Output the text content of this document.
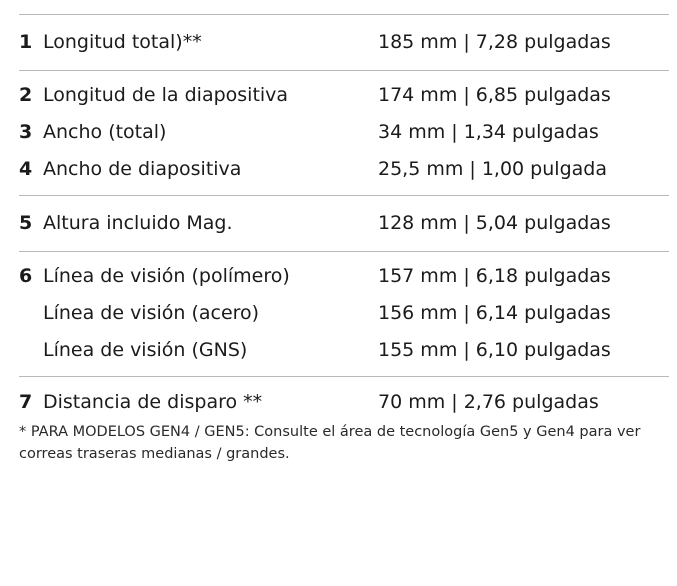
1 Longitud total)**	185 mm | 7,28 pulgadas
2 Longitud de la diapositiva	174 mm | 6,85 pulgadas
3 Ancho (total)	34 mm | 1,34 pulgadas
4 Ancho de diapositiva	25,5 mm | 1,00 pulgada
5 Altura incluido Mag.	128 mm | 5,04 pulgadas
6 Línea de visión (polímero)	157 mm | 6,18 pulgadas
Línea de visión (acero)	156 mm | 6,14 pulgadas
Línea de visión (GNS)	155 mm | 6,10 pulgadas
7 Distancia de disparo **	70 mm | 2,76 pulgadas
* PARA MODELOS GEN4 / GEN5: Consulte el área de tecnología Gen5 y Gen4 para ver correas traseras medianas / grandes.
